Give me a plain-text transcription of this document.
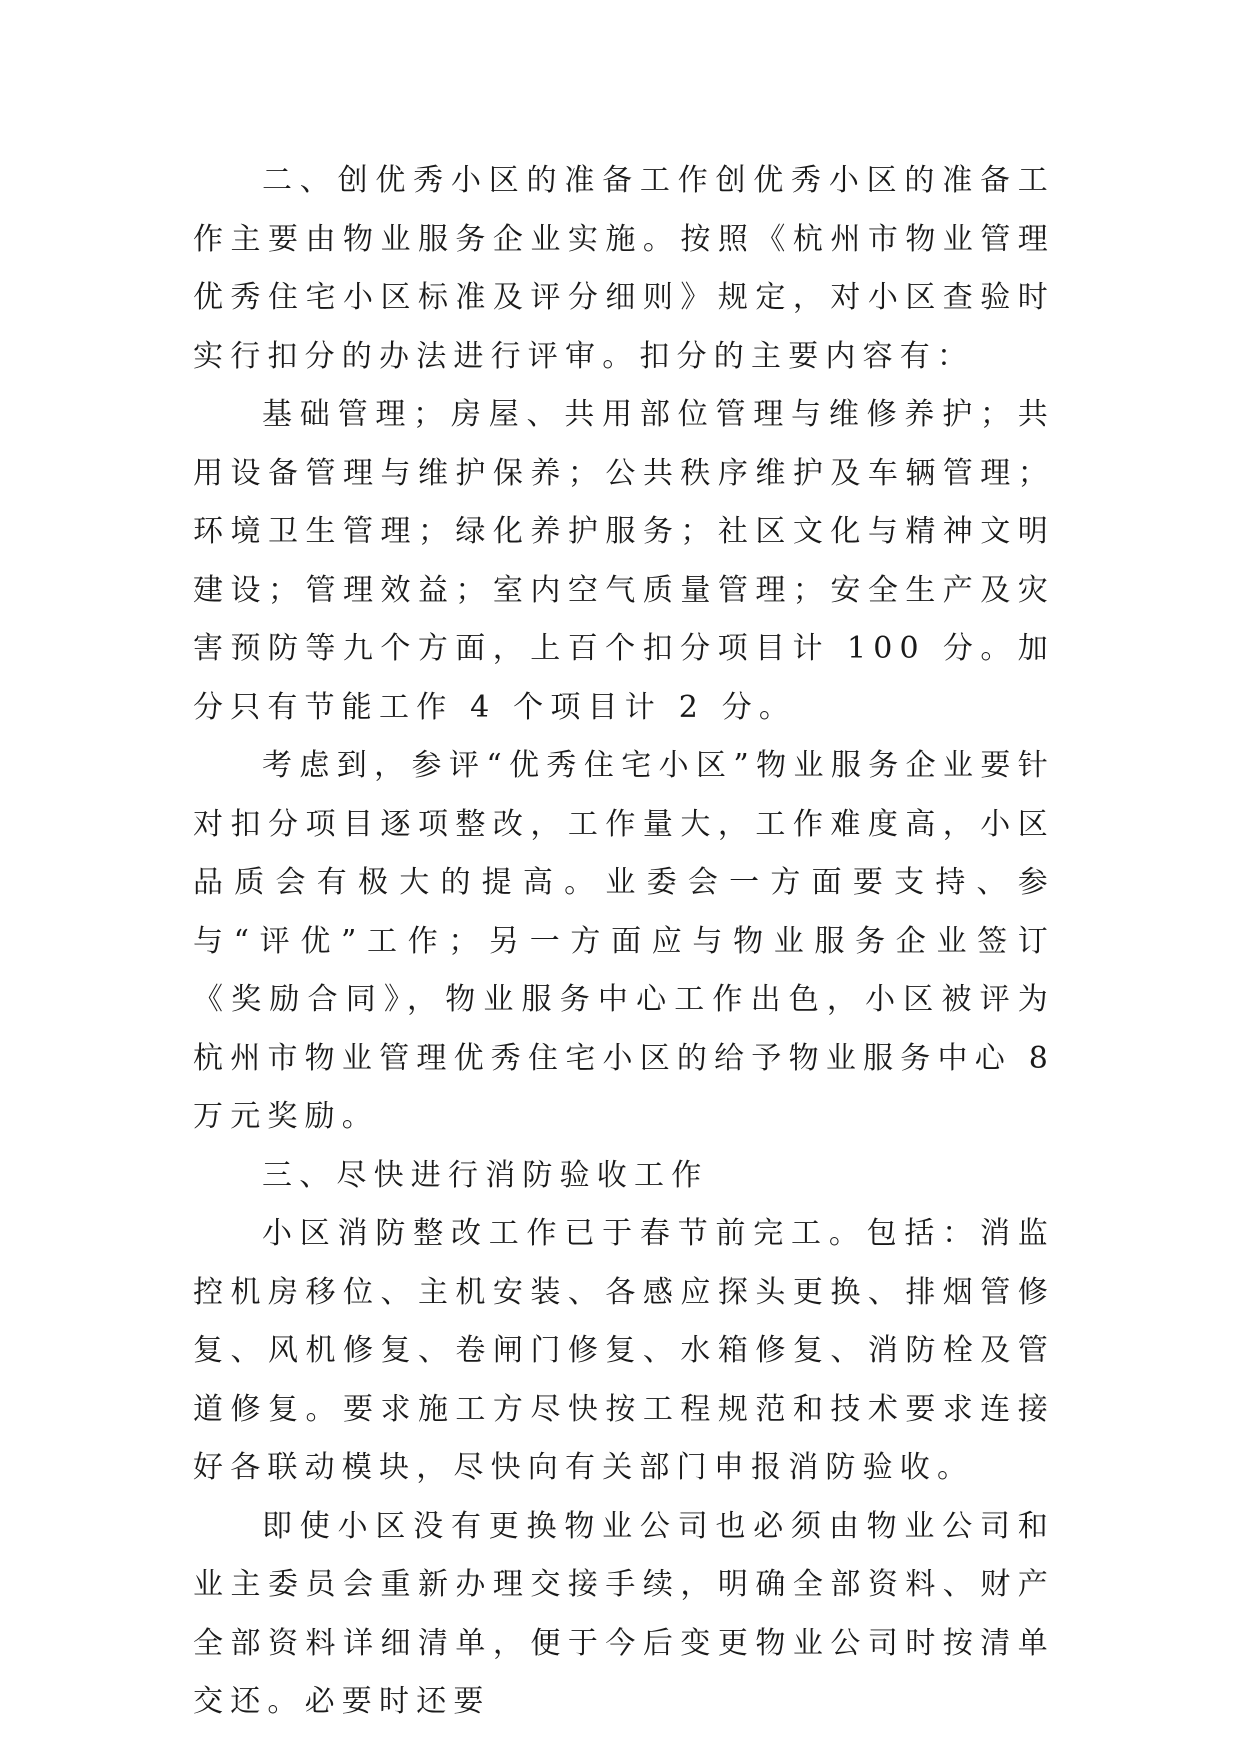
二、创优秀小区的准备工作创优秀小区的准备工作主要由物业服务企业实施。按照《杭州市物业管理优秀住宅小区标准及评分细则》规定，对小区查验时实行扣分的办法进行评审。扣分的主要内容有：

基础管理；房屋、共用部位管理与维修养护；共用设备管理与维护保养；公共秩序维护及车辆管理；环境卫生管理；绿化养护服务；社区文化与精神文明建设；管理效益；室内空气质量管理；安全生产及灾害预防等九个方面，上百个扣分项目计 100 分。加分只有节能工作 4 个项目计 2 分。

考虑到，参评“优秀住宅小区”物业服务企业要针对扣分项目逐项整改，工作量大，工作难度高，小区品质会有极大的提高。业委会一方面要支持、参与“评优”工作；另一方面应与物业服务企业签订《奖励合同》，物业服务中心工作出色，小区被评为杭州市物业管理优秀住宅小区的给予物业服务中心 8 万元奖励。

三、尽快进行消防验收工作

小区消防整改工作已于春节前完工。包括：消监控机房移位、主机安装、各感应探头更换、排烟管修复、风机修复、卷闸门修复、水箱修复、消防栓及管道修复。要求施工方尽快按工程规范和技术要求连接好各联动模块，尽快向有关部门申报消防验收。

即使小区没有更换物业公司也必须由物业公司和业主委员会重新办理交接手续，明确全部资料、财产全部资料详细清单，便于今后变更物业公司时按清单交还。必要时还要
